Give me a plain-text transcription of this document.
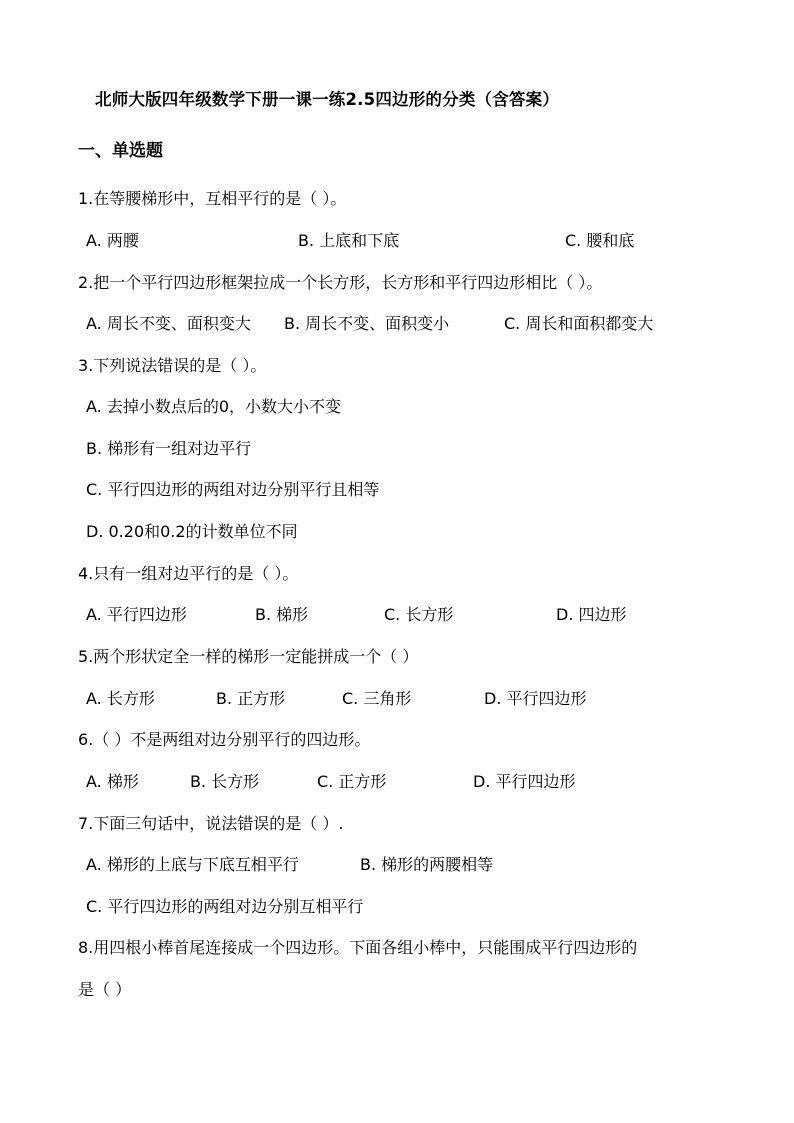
北师大版四年级数学下册一课一练2.5四边形的分类（含答案）
一、单选题
1.在等腰梯形中，互相平行的是（ ）。
A. 两腰	B. 上底和下底	C. 腰和底
2.把一个平行四边形框架拉成一个长方形，长方形和平行四边形相比（ ）。
A. 周长不变、面积变大 B. 周长不变、面积变小	C. 周长和面积都变大
3.下列说法错误的是（ ）。
A. 去掉小数点后的0，小数大小不变
B. 梯形有一组对边平行
C. 平行四边形的两组对边分别平行且相等
D. 0.20和0.2的计数单位不同
4.只有一组对边平行的是（ ）。
A. 平行四边形	B. 梯形	C. 长方形	D. 四边形
5.两个形状定全一样的梯形一定能拼成一个（ ）
A. 长方形	B. 正方形	C. 三角形	D. 平行四边形
6.（ ）不是两组对边分别平行的四边形。
A. 梯形	B. 长方形	C. 正方形	D. 平行四边形
7.下面三句话中，说法错误的是（ ）.
A. 梯形的上底与下底互相平行	B. 梯形的两腰相等
C. 平行四边形的两组对边分别互相平行
8.用四根小棒首尾连接成一个四边形。下面各组小棒中，只能围成平行四边形的
是（ ）
